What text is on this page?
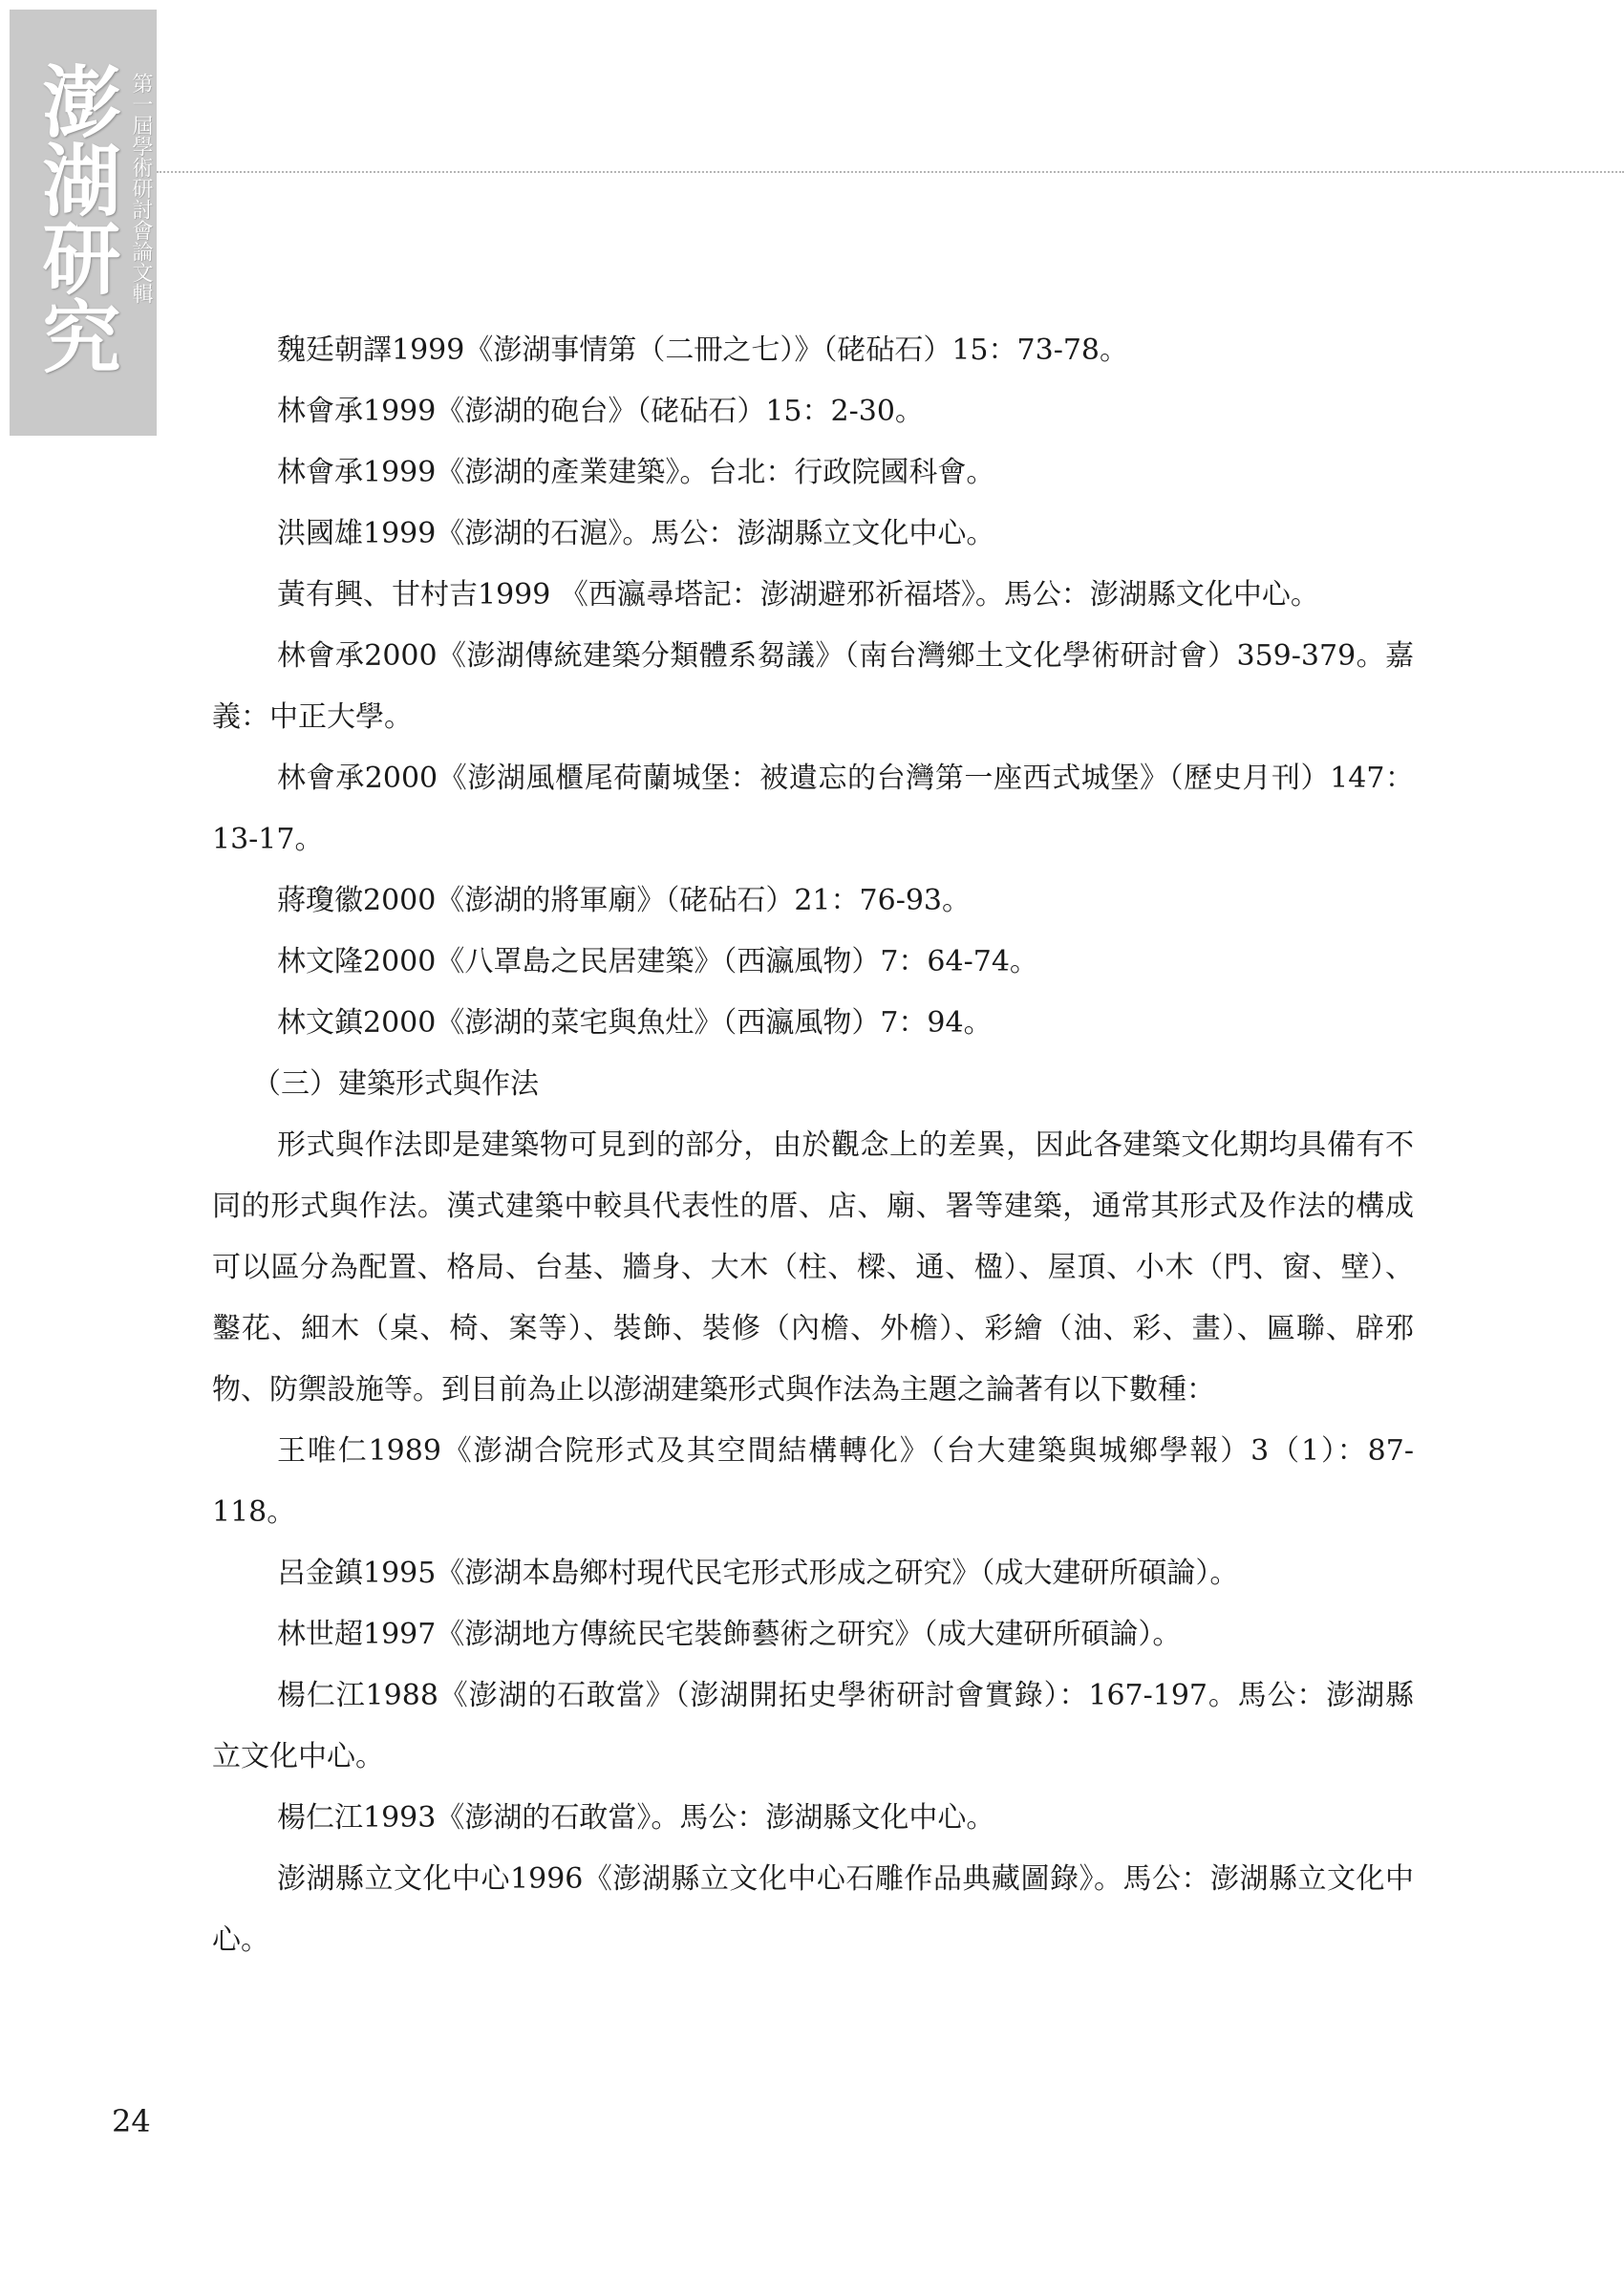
澎湖研究 第一屆學術研討會論文輯

魏廷朝譯1999《澎湖事情第（二冊之七）》（硓砧石）15：73-78。

林會承1999《澎湖的砲台》（硓砧石）15：2-30。

林會承1999《澎湖的產業建築》。台北：行政院國科會。

洪國雄1999《澎湖的石滬》。馬公：澎湖縣立文化中心。

黃有興、甘村吉1999 《西瀛尋塔記：澎湖避邪祈福塔》。馬公：澎湖縣文化中心。

林會承2000《澎湖傳統建築分類體系芻議》（南台灣鄉土文化學術研討會）359-379。嘉義：中正大學。

林會承2000《澎湖風櫃尾荷蘭城堡：被遺忘的台灣第一座西式城堡》（歷史月刊）147：13-17。

蔣瓊徽2000《澎湖的將軍廟》（硓砧石）21：76-93。

林文隆2000《八罩島之民居建築》（西瀛風物）7：64-74。

林文鎮2000《澎湖的菜宅與魚灶》（西瀛風物）7：94。

（三）建築形式與作法

形式與作法即是建築物可見到的部分，由於觀念上的差異，因此各建築文化期均具備有不同的形式與作法。漢式建築中較具代表性的厝、店、廟、署等建築，通常其形式及作法的構成可以區分為配置、格局、台基、牆身、大木（柱、樑、通、楹）、屋頂、小木（門、窗、壁）、鑿花、細木（桌、椅、案等）、裝飾、裝修（內檐、外檐）、彩繪（油、彩、畫）、匾聯、辟邪物、防禦設施等。到目前為止以澎湖建築形式與作法為主題之論著有以下數種：

王唯仁1989《澎湖合院形式及其空間結構轉化》（台大建築與城鄉學報）3（1）：87-118。

呂金鎮1995《澎湖本島鄉村現代民宅形式形成之研究》（成大建研所碩論）。

林世超1997《澎湖地方傳統民宅裝飾藝術之研究》（成大建研所碩論）。

楊仁江1988《澎湖的石敢當》（澎湖開拓史學術研討會實錄）：167-197。馬公：澎湖縣立文化中心。

楊仁江1993《澎湖的石敢當》。馬公：澎湖縣文化中心。

澎湖縣立文化中心1996《澎湖縣立文化中心石雕作品典藏圖錄》。馬公：澎湖縣立文化中心。

24
